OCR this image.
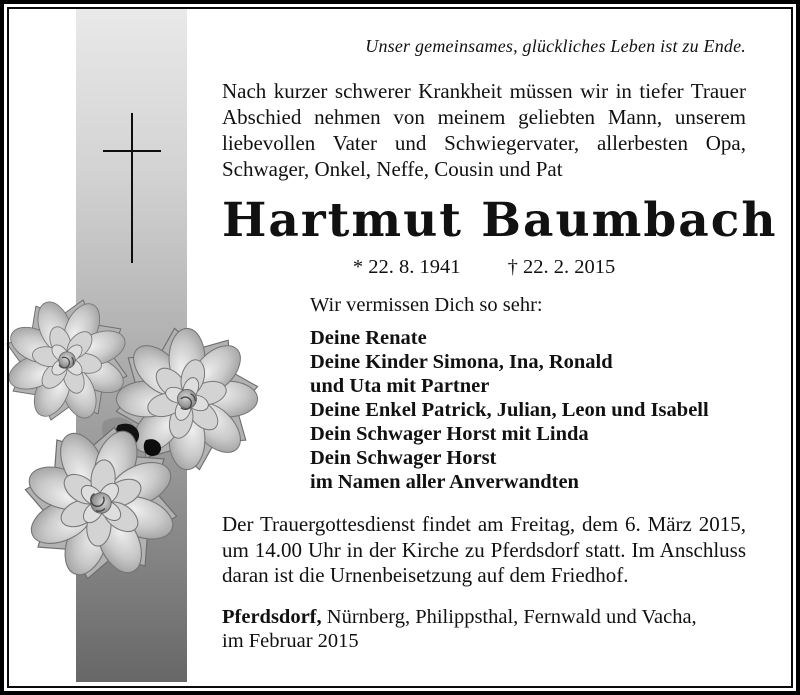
Unser gemeinsames, glückliches Leben ist zu Ende.

Nach kurzer schwerer Krankheit müssen wir in tiefer Trauer Abschied nehmen von meinem geliebten Mann, unserem liebevollen Vater und Schwiegervater, allerbesten Opa, Schwager, Onkel, Neffe, Cousin und Pat

Hartmut Baumbach
* 22. 8. 1941 † 22. 2. 2015
Wir vermissen Dich so sehr:
Deine Renate
Deine Kinder Simona, Ina, Ronald
und Uta mit Partner
Deine Enkel Patrick, Julian, Leon und Isabell
Dein Schwager Horst mit Linda
Dein Schwager Horst
im Namen aller Anverwandten

Der Trauergottesdienst findet am Freitag, dem 6. März 2015, um 14.00 Uhr in der Kirche zu Pferdsdorf statt. Im Anschluss daran ist die Urnenbeisetzung auf dem Friedhof.

Pferdsdorf, Nürnberg, Philippsthal, Fernwald und Vacha,
im Februar 2015
